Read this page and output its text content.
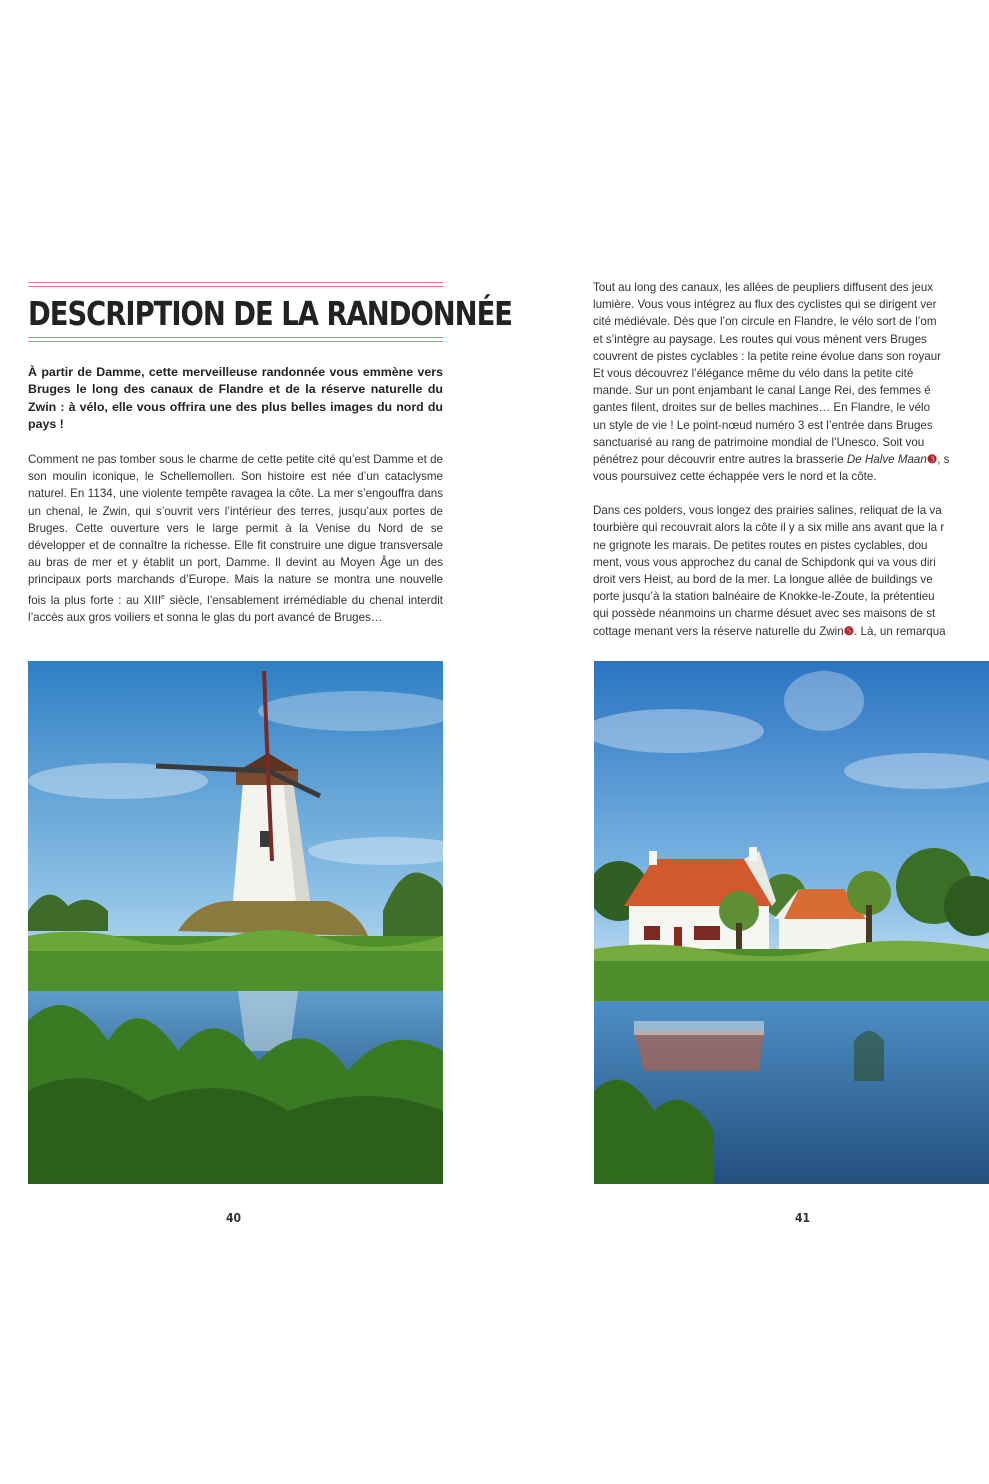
DESCRIPTION DE LA RANDONNÉE
À partir de Damme, cette merveilleuse randonnée vous emmène vers Bruges le long des canaux de Flandre et de la réserve naturelle du Zwin : à vélo, elle vous offrira une des plus belles images du nord du pays !
Comment ne pas tomber sous le charme de cette petite cité qu’est Damme et de son moulin iconique, le Schellemollen. Son histoire est née d’un cataclysme naturel. En 1134, une violente tempête ravagea la côte. La mer s’engouffra dans un chenal, le Zwin, qui s’ouvrit vers l’intérieur des terres, jusqu’aux portes de Bruges. Cette ouverture vers le large permit à la Venise du Nord de se développer et de connaître la richesse. Elle fit construire une digue transversale au bras de mer et y établit un port, Damme. Il devint au Moyen Âge un des principaux ports marchands d’Europe. Mais la nature se montra une nouvelle fois la plus forte : au XIIIe siècle, l’ensablement irrémédiable du chenal interdit l’accès aux gros voiliers et sonna le glas du port avancé de Bruges…
40

Tout au long des canaux, les allées de peupliers diffusent des jeux
lumière. Vous vous intégrez au flux des cyclistes qui se dirigent ver
cité médiévale. Dès que l’on circule en Flandre, le vélo sort de l’om
et s’intègre au paysage. Les routes qui vous mènent vers Bruges
couvrent de pistes cyclables : la petite reine évolue dans son royaur
Et vous découvrez l’élégance même du vélo dans la petite cité
mande. Sur un pont enjambant le canal Lange Rei, des femmes é
gantes filent, droites sur de belles machines… En Flandre, le vélo
un style de vie ! Le point-nœud numéro 3 est l’entrée dans Bruges
sanctuarisé au rang de patrimoine mondial de l’Unesco. Soit vou
pénétrez pour découvrir entre autres la brasserie De Halve Maan❸, s
vous poursuivez cette échappée vers le nord et la côte.

Dans ces polders, vous longez des prairies salines, reliquat de la va
tourbière qui recouvrait alors la côte il y a six mille ans avant que la r
ne grignote les marais. De petites routes en pistes cyclables, dou
ment, vous vous approchez du canal de Schipdonk qui va vous diri
droit vers Heist, au bord de la mer. La longue allée de buildings ve
porte jusqu’à la station balnéaire de Knokke-le-Zoute, la prétentieu
qui possède néanmoins un charme désuet avec ses maisons de st
cottage menant vers la réserve naturelle du Zwin❺. Là, un remarqua

41
